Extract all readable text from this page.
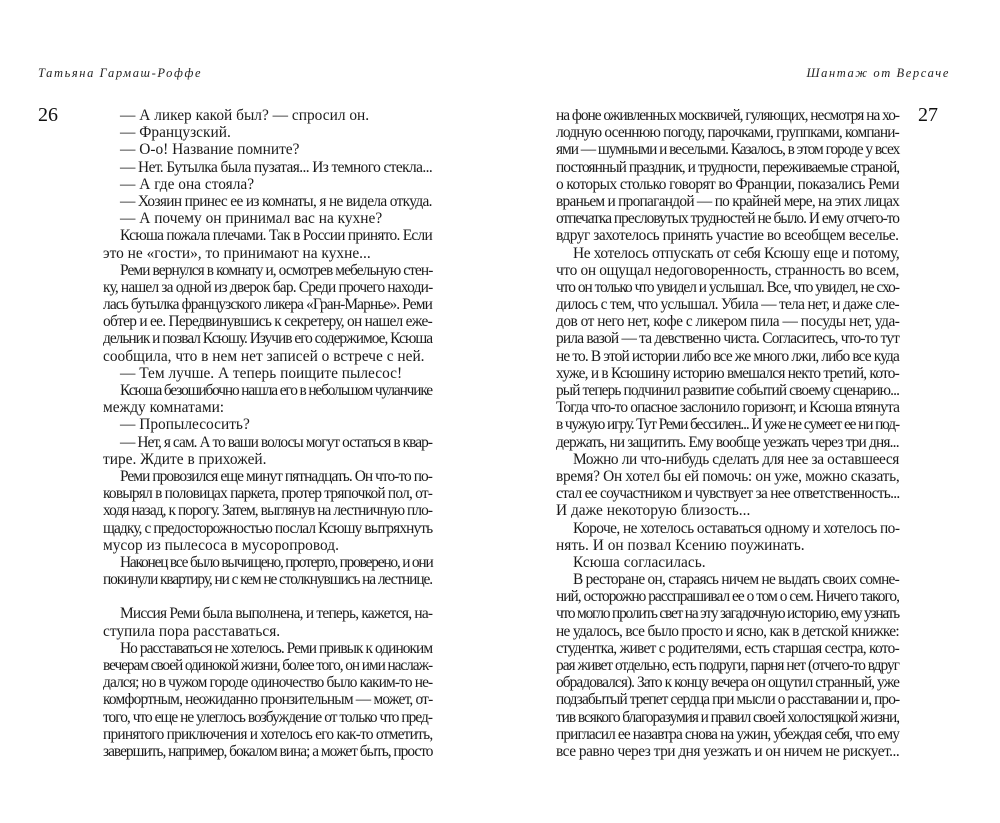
Татьяна Гармаш-Роффе	Шантаж от Версаче
26	27
— А ликер какой был? — спросил он.
— Французский.
— О-о! Название помните?
— Нет. Бутылка была пузатая... Из темного стекла...
— А где она стояла?
— Хозяин принес ее из комнаты, я не видела откуда.
— А почему он принимал вас на кухне?
Ксюша пожала плечами. Так в России принято. Если
это не «гости», то принимают на кухне...
Реми вернулся в комнату и, осмотрев мебельную стен-
ку, нашел за одной из дверок бар. Среди прочего находи-
лась бутылка французского ликера «Гран-Марнье». Реми
обтер и ее. Передвинувшись к секретеру, он нашел еже-
дельник и позвал Ксюшу. Изучив его содержимое, Ксюша
сообщила, что в нем нет записей о встрече с ней.
— Тем лучше. А теперь поищите пылесос!
Ксюша безошибочно нашла его в небольшом чуланчике
между комнатами:
— Пропылесосить?
— Нет, я сам. А то ваши волосы могут остаться в квар-
тире. Ждите в прихожей.
Реми провозился еще минут пятнадцать. Он что-то по-
ковырял в половицах паркета, протер тряпочкой пол, от-
ходя назад, к порогу. Затем, выглянув на лестничную пло-
щадку, с предосторожностью послал Ксюшу вытряхнуть
мусор из пылесоса в мусоропровод.
Наконец все было вычищено, протерто, проверено, и они
покинули квартиру, ни с кем не столкнувшись на лестнице.
Миссия Реми была выполнена, и теперь, кажется, на-
ступила пора расставаться.
Но расставаться не хотелось. Реми привык к одиноким
вечерам своей одинокой жизни, более того, он ими наслаж-
дался; но в чужом городе одиночество было каким-то не-
комфортным, неожиданно пронзительным — может, от-
того, что еще не улеглось возбуждение от только что пред-
принятого приключения и хотелось его как-то отметить,
завершить, например, бокалом вина; а может быть, просто
на фоне оживленных москвичей, гуляющих, несмотря на хо-
лодную осеннюю погоду, парочками, группками, компани-
ями — шумными и веселыми. Казалось, в этом городе у всех
постоянный праздник, и трудности, переживаемые страной,
о которых столько говорят во Франции, показались Реми
враньем и пропагандой — по крайней мере, на этих лицах
отпечатка пресловутых трудностей не было. И ему отчего-то
вдруг захотелось принять участие во всеобщем веселье.
Не хотелось отпускать от себя Ксюшу еще и потому,
что он ощущал недоговоренность, странность во всем,
что он только что увидел и услышал. Все, что увидел, не схо-
дилось с тем, что услышал. Убила — тела нет, и даже сле-
дов от него нет, кофе с ликером пила — посуды нет, уда-
рила вазой — та девственно чиста. Согласитесь, что-то тут
не то. В этой истории либо все же много лжи, либо все куда
хуже, и в Ксюшину историю вмешался некто третий, кото-
рый теперь подчинил развитие событий своему сценарию...
Тогда что-то опасное заслонило горизонт, и Ксюша втянута
в чужую игру. Тут Реми бессилен... И уже не сумеет ее ни под-
держать, ни защитить. Ему вообще уезжать через три дня...
Можно ли что-нибудь сделать для нее за оставшееся
время? Он хотел бы ей помочь: он уже, можно сказать,
стал ее соучастником и чувствует за нее ответственность...
И даже некоторую близость...
Короче, не хотелось оставаться одному и хотелось по-
нять. И он позвал Ксению поужинать.
Ксюша согласилась.
В ресторане он, стараясь ничем не выдать своих сомне-
ний, осторожно расспрашивал ее о том о сем. Ничего такого,
что могло пролить свет на эту загадочную историю, ему узнать
не удалось, все было просто и ясно, как в детской книжке:
студентка, живет с родителями, есть старшая сестра, кото-
рая живет отдельно, есть подруги, парня нет (отчего-то вдруг
обрадовался). Зато к концу вечера он ощутил странный, уже
подзабытый трепет сердца при мысли о расставании и, про-
тив всякого благоразумия и правил своей холостяцкой жизни,
пригласил ее назавтра снова на ужин, убеждая себя, что ему
все равно через три дня уезжать и он ничем не рискует...
